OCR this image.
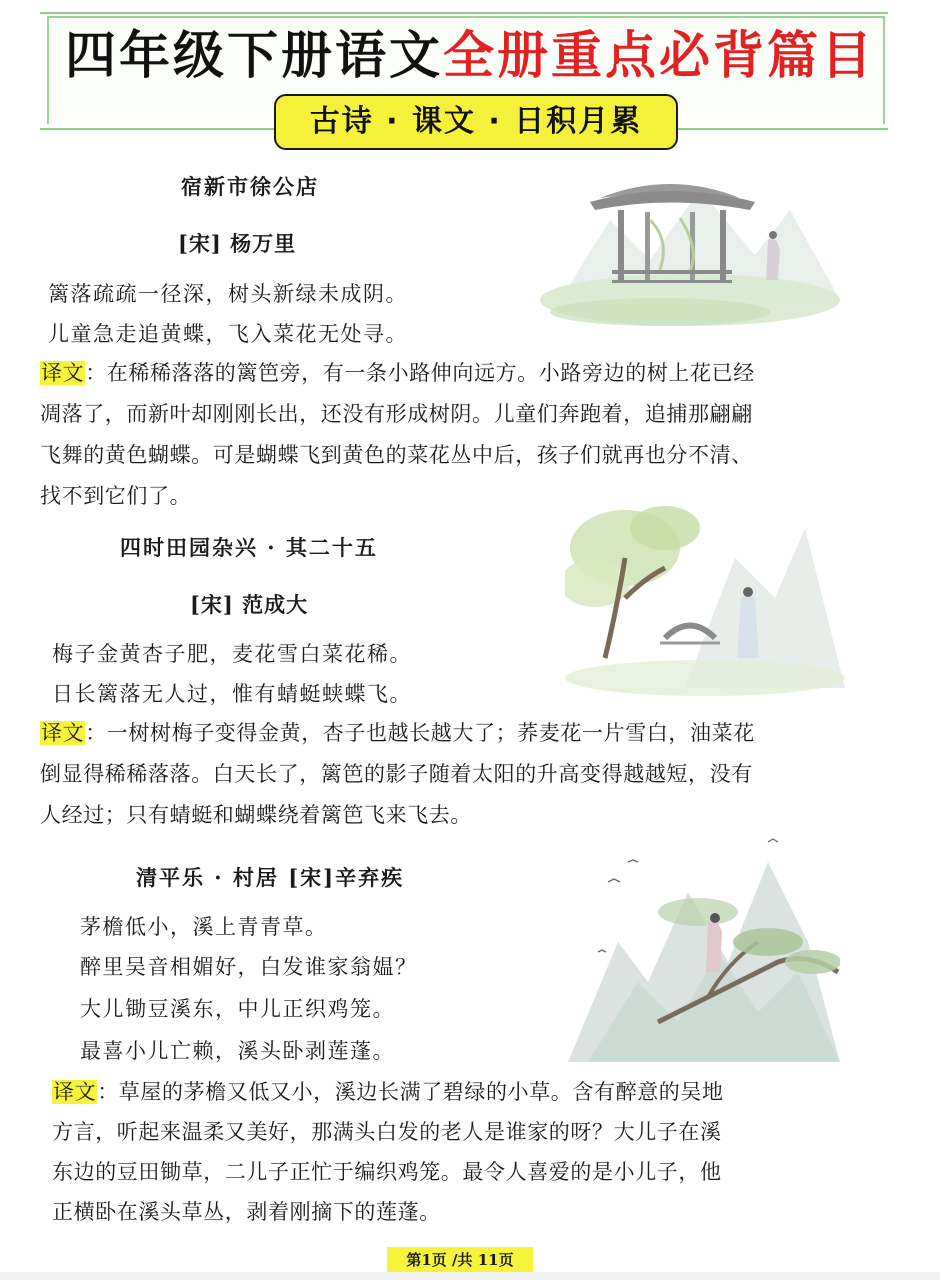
四年级下册语文全册重点必背篇目
古诗 · 课文 · 日积月累
宿新市徐公店
[宋] 杨万里
篱落疏疏一径深，树头新绿未成阴。
儿童急走追黄蝶，飞入菜花无处寻。
译文：在稀稀落落的篱笆旁，有一条小路伸向远方。小路旁边的树上花已经
凋落了，而新叶却刚刚长出，还没有形成树阴。儿童们奔跑着，追捕那翩翩
飞舞的黄色蝴蝶。可是蝴蝶飞到黄色的菜花丛中后，孩子们就再也分不清、
找不到它们了。
四时田园杂兴 · 其二十五
[宋] 范成大
梅子金黄杏子肥，麦花雪白菜花稀。
日长篱落无人过，惟有蜻蜓蛱蝶飞。
译文：一树树梅子变得金黄，杏子也越长越大了；荞麦花一片雪白，油菜花
倒显得稀稀落落。白天长了，篱笆的影子随着太阳的升高变得越越短，没有
人经过；只有蜻蜓和蝴蝶绕着篱笆飞来飞去。
清平乐 · 村居 [宋]辛弃疾
茅檐低小，溪上青青草。
醉里吴音相媚好，白发谁家翁媪？
大儿锄豆溪东，中儿正织鸡笼。
最喜小儿亡赖，溪头卧剥莲蓬。
译文：草屋的茅檐又低又小，溪边长满了碧绿的小草。含有醉意的吴地
方言，听起来温柔又美好，那满头白发的老人是谁家的呀？大儿子在溪
东边的豆田锄草，二儿子正忙于编织鸡笼。最令人喜爱的是小儿子，他
正横卧在溪头草丛，剥着刚摘下的莲蓬。
第1页 /共 11页
